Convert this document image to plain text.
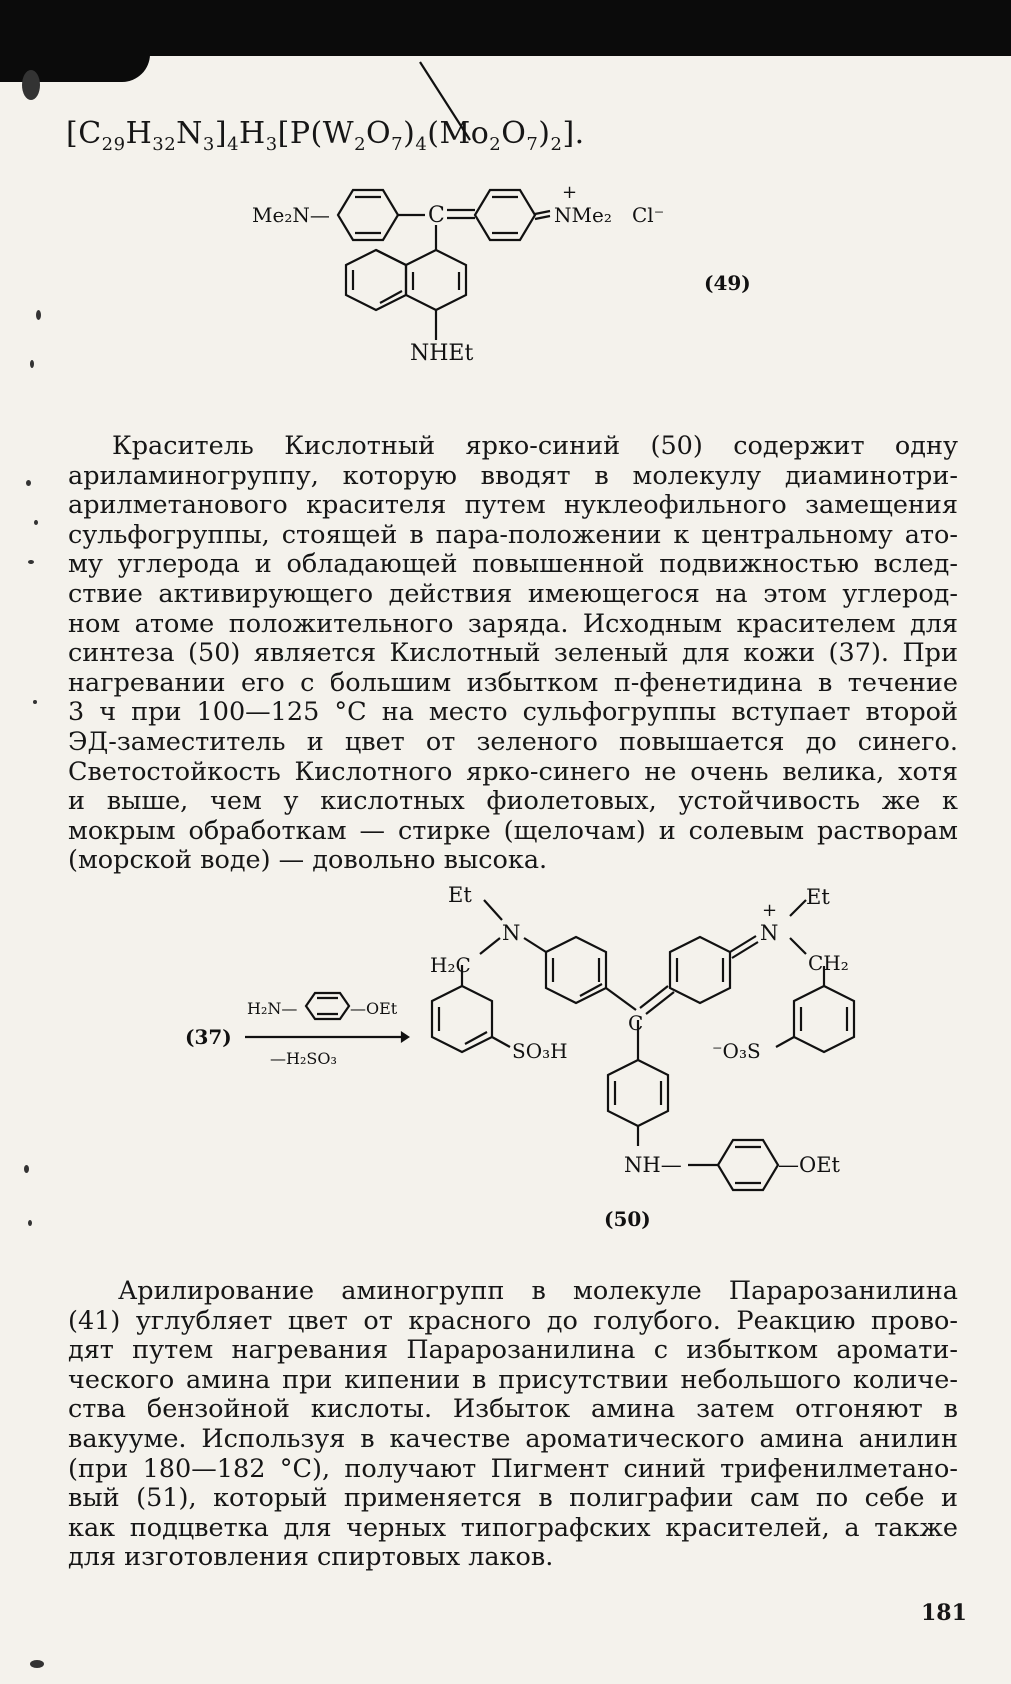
$[C_{29}H_{32}N_3]_4H_3[P(W_2O_7)_4(Mo_2O_7)_2]$.
Me₂N—	C	NMe₂
+
Cl⁻
NHEt
(49)
Краситель Кислотный ярко-синий (50) содержит одну
ариламиногруппу, которую вводят в молекулу диаминотри-
арилметанового красителя путем нуклеофильного замещения
сульфогруппы, стоящей в пара-положении к центральному ато-
му углерода и обладающей повышенной подвижностью вслед-
ствие активирующего действия имеющегося на этом углерод-
ном атоме положительного заряда. Исходным красителем для
синтеза (50) является Кислотный зеленый для кожи (37). При
нагревании его с большим избытком п-фенетидина в течение
3 ч при 100—125 °С на место сульфогруппы вступает второй
ЭД-заместитель и цвет от зеленого повышается до синего.
Светостойкость Кислотного ярко-синего не очень велика, хотя
и выше, чем у кислотных фиолетовых, устойчивость же к
мокрым обработкам — стирке (щелочам) и солевым растворам
(морской воде) — довольно высока.
(37)
H₂N—	—OEt
—H₂SO₃
Et
N
H₂C
SO₃H
C
Et
N
+
CH₂
⁻O₃S
NH—	—OEt
(50)
Арилирование аминогрупп в молекуле Парарозанилина
(41) углубляет цвет от красного до голубого. Реакцию прово-
дят путем нагревания Парарозанилина с избытком аромати-
ческого амина при кипении в присутствии небольшого количе-
ства бензойной кислоты. Избыток амина затем отгоняют в
вакууме. Используя в качестве ароматического амина анилин
(при 180—182 °С), получают Пигмент синий трифенилметано-
вый (51), который применяется в полиграфии сам по себе и
как подцветка для черных типографских красителей, а также
для изготовления спиртовых лаков.
181
